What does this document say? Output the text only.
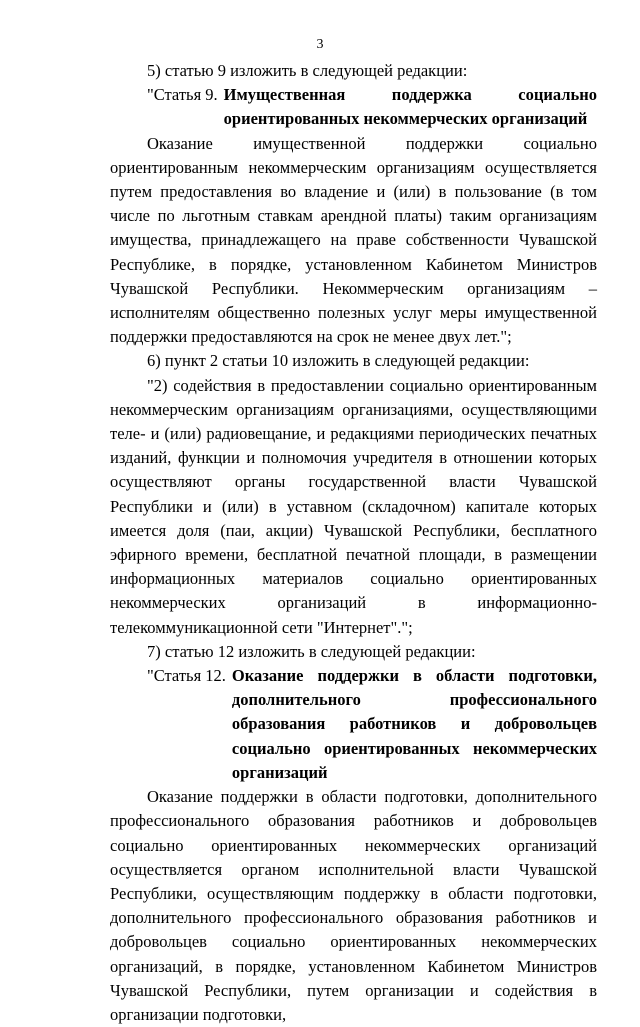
3

5) статью 9 изложить в следующей редакции:

"Статья 9. Имущественная поддержка социально ориентированных некоммерческих организаций

Оказание имущественной поддержки социально ориентированным некоммерческим организациям осуществляется путем предоставления во владение и (или) в пользование (в том числе по льготным ставкам арендной платы) таким организациям имущества, принадлежащего на праве собственности Чувашской Республике, в порядке, установленном Кабинетом Министров Чувашской Республики. Некоммерческим организациям – исполнителям общественно полезных услуг меры имущественной поддержки предоставляются на срок не менее двух лет.";

6) пункт 2 статьи 10 изложить в следующей редакции:

"2) содействия в предоставлении социально ориентированным некоммерческим организациям организациями, осуществляющими теле- и (или) радиовещание, и редакциями периодических печатных изданий, функции и полномочия учредителя в отношении которых осуществляют органы государственной власти Чувашской Республики и (или) в уставном (складочном) капитале которых имеется доля (паи, акции) Чувашской Республики, бесплатного эфирного времени, бесплатной печатной площади, в размещении информационных материалов социально ориентированных некоммерческих организаций в информационно-телекоммуникационной сети "Интернет".";

7) статью 12 изложить в следующей редакции:

"Статья 12. Оказание поддержки в области подготовки, дополнительного профессионального образования работников и добровольцев социально ориентированных некоммерческих организаций

Оказание поддержки в области подготовки, дополнительного профессионального образования работников и добровольцев социально ориентированных некоммерческих организаций осуществляется органом исполнительной власти Чувашской Республики, осуществляющим поддержку в области подготовки, дополнительного профессионального образования работников и добровольцев социально ориентированных некоммерческих организаций, в порядке, установленном Кабинетом Министров Чувашской Республики, путем организации и содействия в организации подготовки,
